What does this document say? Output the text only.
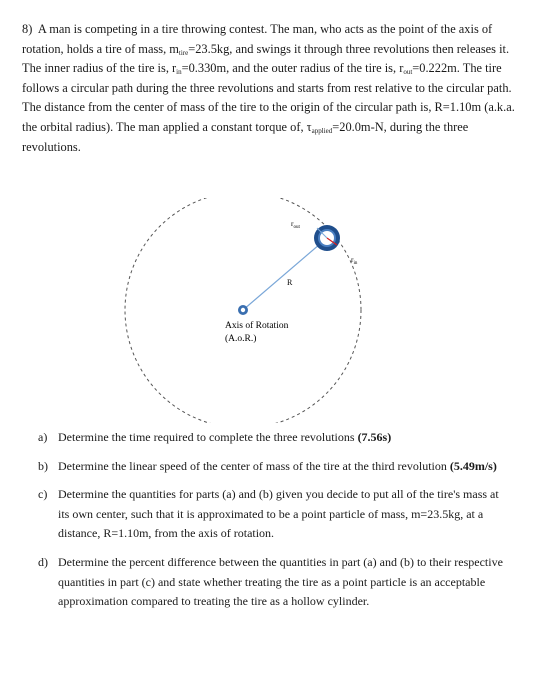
8) A man is competing in a tire throwing contest. The man, who acts as the point of the axis of rotation, holds a tire of mass, $m_{tire}=23.5kg$, and swings it through three revolutions then releases it. The inner radius of the tire is, $r_{in}=0.330m$, and the outer radius of the tire is, $r_{out}=0.222m$. The tire follows a circular path during the three revolutions and starts from rest relative to the circular path. The distance from the center of mass of the tire to the origin of the circular path is, R=1.10m (a.k.a. the orbital radius). The man applied a constant torque of, $\tau_{applied}=20.0m-N$, during the three revolutions.

R
Axis of Rotation
(A.o.R.)
$r_{out}$
$r_{in}$
a) Determine the time required to complete the three revolutions (7.56s)
b) Determine the linear speed of the center of mass of the tire at the third revolution (5.49m/s)
c) Determine the quantities for parts (a) and (b) given you decide to put all of the tire's mass at its own center, such that it is approximated to be a point particle of mass, m=23.5kg, at a distance, R=1.10m, from the axis of rotation.
d) Determine the percent difference between the quantities in part (a) and (b) to their respective quantities in part (c) and state whether treating the tire as a point particle is an acceptable approximation compared to treating the tire as a hollow cylinder.
